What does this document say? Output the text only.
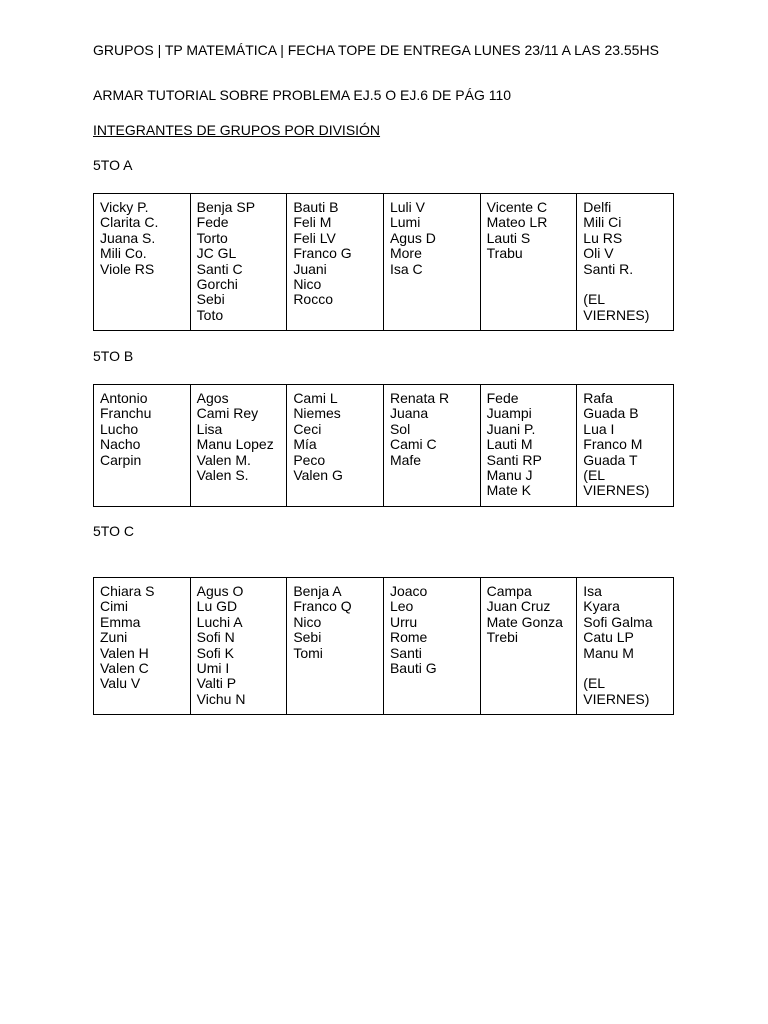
GRUPOS | TP MATEMÁTICA | FECHA TOPE DE ENTREGA LUNES 23/11 A LAS 23.55HS
ARMAR TUTORIAL SOBRE PROBLEMA EJ.5 O EJ.6 DE PÁG 110
INTEGRANTES DE GRUPOS POR DIVISIÓN
5TO A
Vicky P.
Clarita C.
Juana S.
Mili Co.
Viole RS

Benja SP
Fede
Torto
JC GL
Santi C
Gorchi
Sebi
Toto

Bauti B
Feli M
Feli LV
Franco G
Juani
Nico
Rocco

Luli V
Lumi
Agus D
More
Isa C

Vicente C
Mateo LR
Lauti S
Trabu

Delfi
Mili Ci
Lu RS
Oli V
Santi R.
(EL
VIERNES)
5TO B
Antonio
Franchu
Lucho
Nacho
Carpin

Agos
Cami Rey
Lisa
Manu Lopez
Valen M.
Valen S.

Cami L
Niemes
Ceci
Mía
Peco
Valen G

Renata R
Juana
Sol
Cami C
Mafe

Fede
Juampi
Juani P.
Lauti M
Santi RP
Manu J
Mate K

Rafa
Guada B
Lua I
Franco M
Guada T
(EL
VIERNES)
5TO C
Chiara S
Cimi
Emma
Zuni
Valen H
Valen C
Valu V

Agus O
Lu GD
Luchi A
Sofi N
Sofi K
Umi I
Valti P
Vichu N

Benja A
Franco Q
Nico
Sebi
Tomi

Joaco
Leo
Urru
Rome
Santi
Bauti G

Campa
Juan Cruz
Mate Gonza
Trebi

Isa
Kyara
Sofi Galma
Catu LP
Manu M
(EL
VIERNES)
